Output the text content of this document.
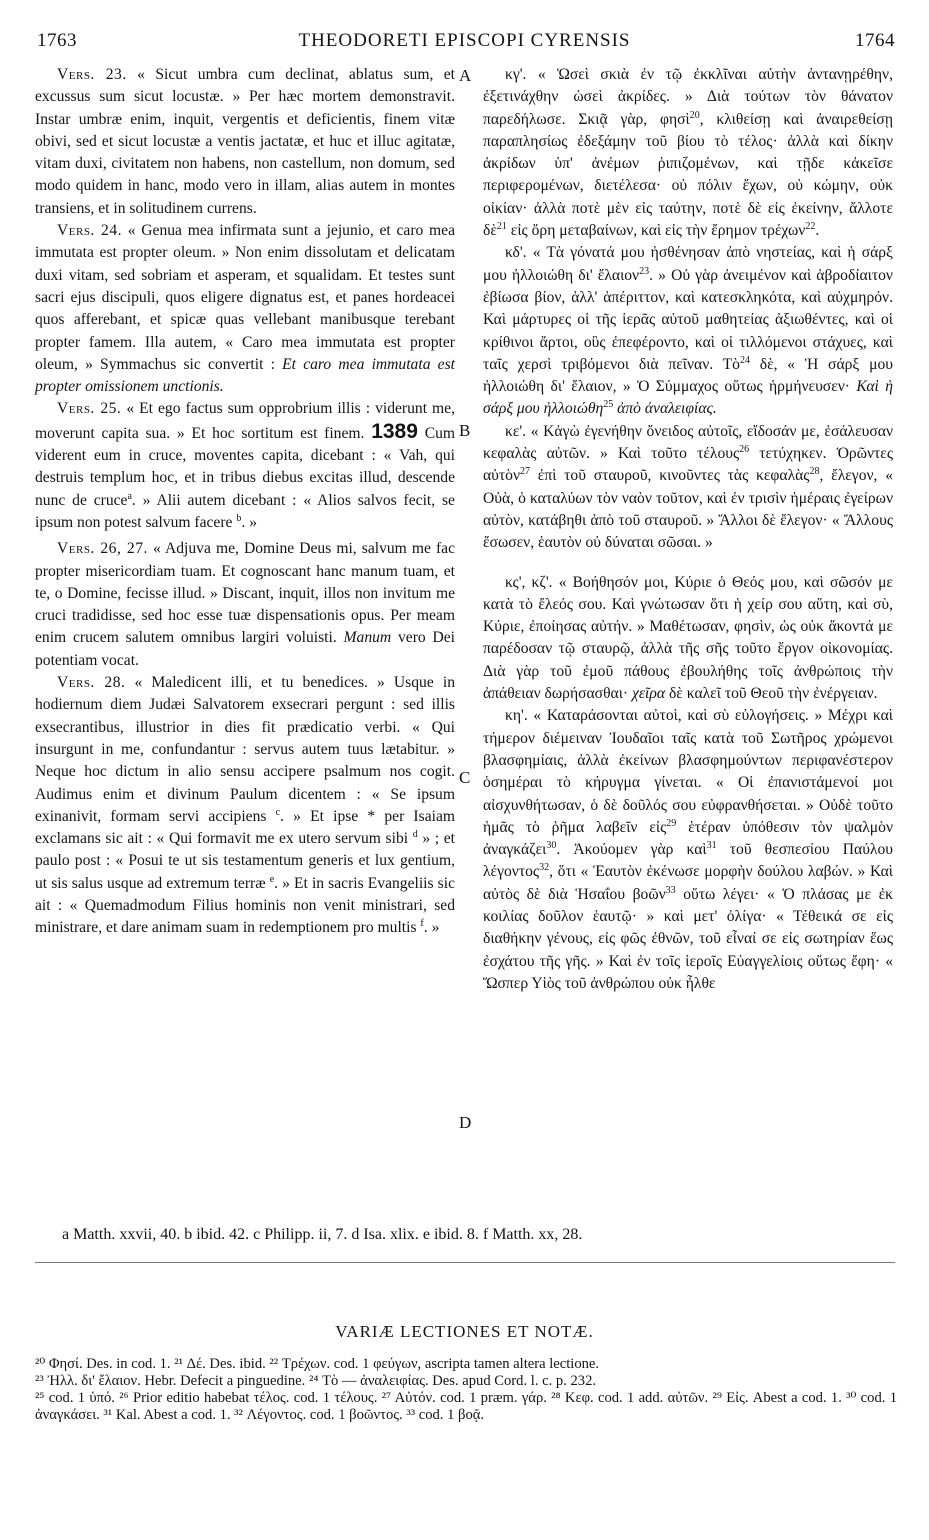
1763	THEODORETI EPISCOPI CYRENSIS	1764
A
B
C
D

Vers. 23. « Sicut umbra cum declinat, ablatus sum, et excussus sum sicut locustæ. » Per hæc mortem demonstravit. Instar umbræ enim, inquit, vergentis et deficientis, finem vitæ obivi, sed et sicut locustæ a ventis jactatæ, et huc et illuc agitatæ, vitam duxi, civitatem non habens, non castellum, non domum, sed modo quidem in hanc, modo vero in illam, alias autem in montes transiens, et in solitudinem currens.

Vers. 24. « Genua mea infirmata sunt a jejunio, et caro mea immutata est propter oleum. » Non enim dissolutam et delicatam duxi vitam, sed sobriam et asperam, et squalidam. Et testes sunt sacri ejus discipuli, quos eligere dignatus est, et panes hordeacei quos afferebant, et spicæ quas vellebant manibusque terebant propter famem. Illa autem, « Caro mea immutata est propter oleum, » Symmachus sic convertit : Et caro mea immutata est propter omissionem unctionis.

Vers. 25. « Et ego factus sum opprobrium illis : viderunt me, moverunt capita sua. » Et hoc sortitum est finem. 1389 Cum viderent eum in cruce, moventes capita, dicebant : « Vah, qui destruis templum hoc, et in tribus diebus excitas illud, descende nunc de cruce$^a$. » Alii autem dicebant : « Alios salvos fecit, se ipsum non potest salvum facere $^b$. »

Vers. 26, 27. « Adjuva me, Domine Deus mi, salvum me fac propter misericordiam tuam. Et cognoscant hanc manum tuam, et te, o Domine, fecisse illud. » Discant, inquit, illos non invitum me cruci tradidisse, sed hoc esse tuæ dispensationis opus. Per meam enim crucem salutem omnibus largiri voluisti. Manum vero Dei potentiam vocat.

Vers. 28. « Maledicent illi, et tu benedices. » Usque in hodiernum diem Judæi Salvatorem exsecrari pergunt : sed illis exsecrantibus, illustrior in dies fit prædicatio verbi. « Qui insurgunt in me, confundantur : servus autem tuus lætabitur. » Neque hoc dictum in alio sensu accipere psalmum nos cogit. Audimus enim et divinum Paulum dicentem : « Se ipsum exinanivit, formam servi accipiens $^c$. » Et ipse * per Isaiam exclamans sic ait : « Qui formavit me ex utero servum sibi $^d$ » ; et paulo post : « Posui te ut sis testamentum generis et lux gentium, ut sis salus usque ad extremum terræ $^e$. » Et in sacris Evangeliis sic ait : « Quemadmodum Filius hominis non venit ministrari, sed ministrare, et dare animam suam in redemptionem pro multis $^f$. »

κγ'. « Ὡσεὶ σκιὰ ἐν τῷ ἐκκλῖναι αὐτὴν ἀντανῃρέθην, ἐξετινάχθην ὡσεὶ ἀκρίδες. » Διὰ τούτων τὸν θάνατον παρεδήλωσε. Σκιᾷ γὰρ, φησὶ$^{20}$, κλιθείσῃ καὶ ἀναιρεθείσῃ παραπλησίως ἐδεξάμην τοῦ βίου τὸ τέλος· ἀλλὰ καὶ δίκην ἀκρίδων ὑπ' ἀνέμων ῥιπιζομένων, καὶ τῇδε κἀκεῖσε περιφερομένων, διετέλεσα· οὐ πόλιν ἔχων, οὐ κώμην, οὐκ οἰκίαν· ἀλλὰ ποτὲ μὲν εἰς ταύτην, ποτὲ δὲ εἰς ἐκείνην, ἄλλοτε δὲ$^{21}$ εἰς ὄρη μεταβαίνων, καὶ εἰς τὴν ἔρημον τρέχων$^{22}$.

κδ'. « Τὰ γόνατά μου ἠσθένησαν ἀπὸ νηστείας, καὶ ἡ σάρξ μου ἠλλοιώθη δι' ἔλαιον$^{23}$. » Οὐ γὰρ ἀνειμένον καὶ ἁβροδίαιτον ἐβίωσα βίον, ἀλλ' ἀπέριττον, καὶ κατεσκληκότα, καὶ αὐχμηρόν. Καὶ μάρτυρες οἱ τῆς ἱερᾶς αὐτοῦ μαθητείας ἀξιωθέντες, καὶ οἱ κρίθινοι ἄρτοι, οὓς ἐπεφέροντο, καὶ οἱ τιλλόμενοι στάχυες, καὶ ταῖς χερσὶ τριβόμενοι διὰ πεῖναν. Τὸ$^{24}$ δὲ, « Ἡ σάρξ μου ἠλλοιώθη δι' ἔλαιον, » Ὁ Σύμμαχος οὕτως ἡρμήνευσεν· Καὶ ἡ σάρξ μου ἠλλοιώθη$^{25}$ ἀπὸ ἀναλειφίας.

κε'. « Κἀγὼ ἐγενήθην ὄνειδος αὐτοῖς, εἴδοσάν με, ἐσάλευσαν κεφαλὰς αὐτῶν. » Καὶ τοῦτο τέλους$^{26}$ τετύχηκεν. Ὁρῶντες αὐτὸν$^{27}$ ἐπὶ τοῦ σταυροῦ, κινοῦντες τὰς κεφαλὰς$^{28}$, ἔλεγον, « Οὐὰ, ὁ καταλύων τὸν ναὸν τοῦτον, καὶ ἐν τρισὶν ἡμέραις ἐγείρων αὐτὸν, κατάβηθι ἀπὸ τοῦ σταυροῦ. » Ἄλλοι δὲ ἔλεγον· « Ἄλλους ἔσωσεν, ἑαυτὸν οὐ δύναται σῶσαι. »

κς', κζ'. « Βοήθησόν μοι, Κύριε ὁ Θεός μου, καὶ σῶσόν με κατὰ τὸ ἔλεός σου. Καὶ γνώτωσαν ὅτι ἡ χείρ σου αὕτη, καὶ σὺ, Κύριε, ἐποίησας αὐτήν. » Μαθέτωσαν, φησὶν, ὡς οὐκ ἄκοντά με παρέδοσαν τῷ σταυρῷ, ἀλλὰ τῆς σῆς τοῦτο ἔργον οἰκονομίας. Διὰ γὰρ τοῦ ἐμοῦ πάθους ἐβουλήθης τοῖς ἀνθρώποις τὴν ἀπάθειαν δωρήσασθαι· χεῖρα δὲ καλεῖ τοῦ Θεοῦ τὴν ἐνέργειαν.

κη'. « Καταράσονται αὐτοὶ, καὶ σὺ εὐλογήσεις. » Μέχρι καὶ τήμερον διέμειναν Ἰουδαῖοι ταῖς κατὰ τοῦ Σωτῆρος χρώμενοι βλασφημίαις, ἀλλὰ ἐκείνων βλασφημούντων περιφανέστερον ὁσημέραι τὸ κήρυγμα γίνεται. « Οἱ ἐπανιστάμενοί μοι αἰσχυνθήτωσαν, ὁ δὲ δοῦλός σου εὐφρανθήσεται. » Οὐδὲ τοῦτο ἡμᾶς τὸ ῥῆμα λαβεῖν εἰς$^{29}$ ἑτέραν ὑπόθεσιν τὸν ψαλμὸν ἀναγκάζει$^{30}$. Ἀκούομεν γὰρ καὶ$^{31}$ τοῦ θεσπεσίου Παύλου λέγοντος$^{32}$, ὅτι « Ἑαυτὸν ἐκένωσε μορφὴν δούλου λαβών. » Καὶ αὐτὸς δὲ διὰ Ἡσαΐου βοῶν$^{33}$ οὕτω λέγει· « Ὁ πλάσας με ἐκ κοιλίας δοῦλον ἑαυτῷ· » καὶ μετ' ὀλίγα· « Τέθεικά σε εἰς διαθήκην γένους, εἰς φῶς ἐθνῶν, τοῦ εἶναί σε εἰς σωτηρίαν ἕως ἐσχάτου τῆς γῆς. » Καὶ ἐν τοῖς ἱεροῖς Εὐαγγελίοις οὕτως ἔφη· « Ὥσπερ Υἱὸς τοῦ ἀνθρώπου οὐκ ἦλθε

a Matth. xxvii, 40. b ibid. 42. c Philipp. ii, 7. d Isa. xlix. e ibid. 8. f Matth. xx, 28.
VARIÆ LECTIONES ET NOTÆ.

²⁰ Φησί. Des. in cod. 1. ²¹ Δέ. Des. ibid. ²² Τρέχων. cod. 1 φεύγων, ascripta tamen altera lectione.

²³ Ἠλλ. δι' ἔλαιον. Hebr. Defecit a pinguedine. ²⁴ Τὸ — ἀναλειφίας. Des. apud Cord. l. c. p. 232.

²⁵ cod. 1 ὑπό. ²⁶ Prior editio habebat τέλος. cod. 1 τέλους. ²⁷ Αὐτόν. cod. 1 præm. γάρ. ²⁸ Κεφ. cod. 1 add. αὐτῶν. ²⁹ Εἰς. Abest a cod. 1. ³⁰ cod. 1 ἀναγκάσει. ³¹ Kal. Abest a cod. 1. ³² Λέγοντος. cod. 1 βοῶντος. ³³ cod. 1 βοᾷ.
